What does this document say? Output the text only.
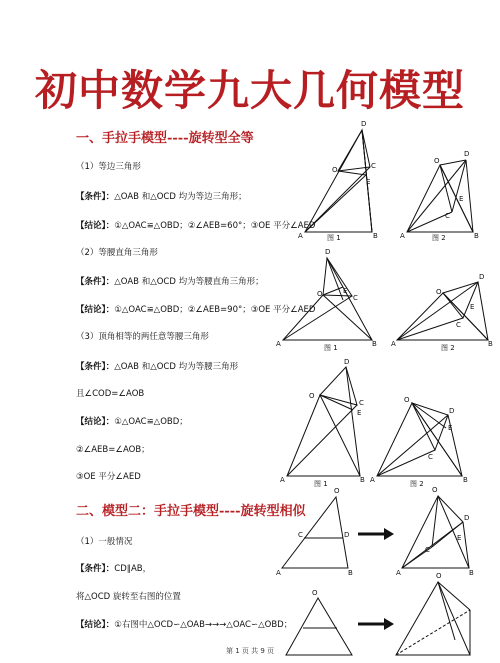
初中数学九大几何模型
一、手拉手模型----旋转型全等
（1）等边三角形
【条件】：△OAB 和△OCD 均为等边三角形；
【结论】：①△OAC≌△OBD；②∠AEB=60°；③OE 平分∠AED
（2）等腰直角三角形
【条件】：△OAB 和△OCD 均为等腰直角三角形；
【结论】：①△OAC≌△OBD；②∠AEB=90°；③OE 平分∠AED
（3）顶角相等的两任意等腰三角形
【条件】：△OAB 和△OCD 均为等腰三角形
且∠COD=∠AOB
【结论】：①△OAC≌△OBD；
②∠AEB=∠AOB；
③OE 平分∠AED
二、模型二：手拉手模型----旋转型相似
（1）一般情况
【条件】：CD∥AB，
将△OCD 旋转至右图的位置
【结论】：①右图中△OCD∽△OAB→→→△OAC∽△OBD；
A	B
D
O	C
E
图 1	A	B
O
D
C
E
图 2
A	B
O
D
C
E
图 1	A	B
O
D
C
E
图 2
A	B
O
D
C
E
图 1	A	B
O
D
C
E
图 2
A	B
O
C	D
A	B
O
D
C
E
O
O
第 1 页 共 9 页
